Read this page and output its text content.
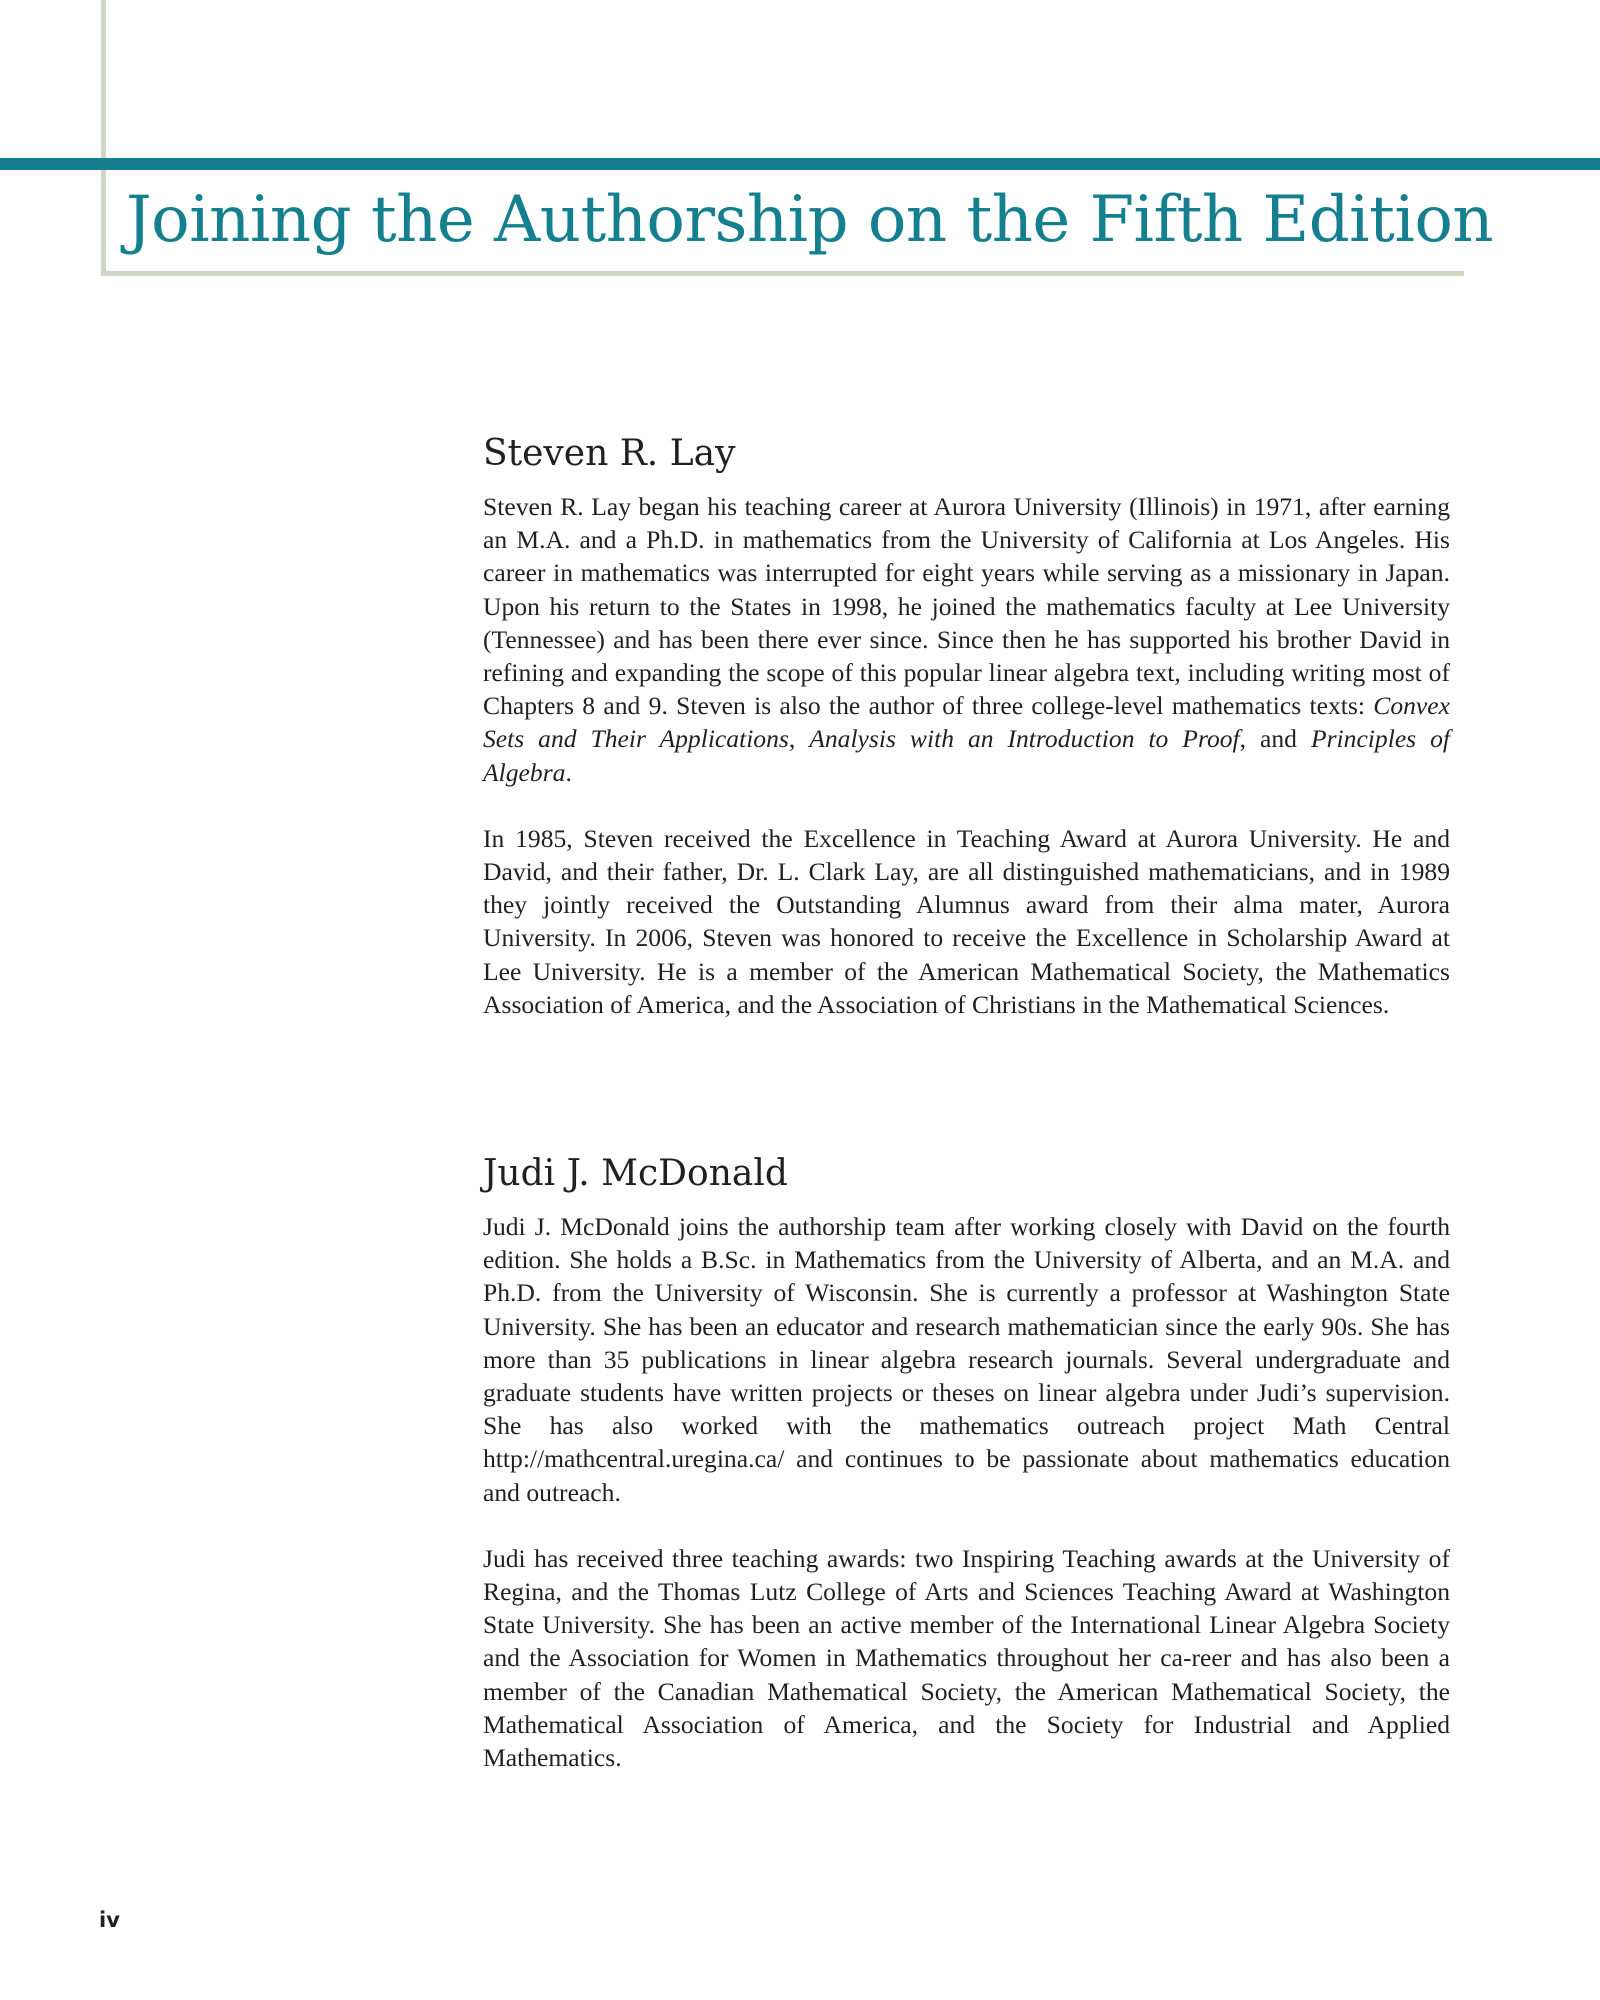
Joining the Authorship on the Fifth Edition
Steven R. Lay

Steven R. Lay began his teaching career at Aurora University (Illinois) in 1971, after earning an M.A. and a Ph.D. in mathematics from the University of California at Los Angeles. His career in mathematics was interrupted for eight years while serving as a missionary in Japan. Upon his return to the States in 1998, he joined the mathematics faculty at Lee University (Tennessee) and has been there ever since. Since then he has supported his brother David in refining and expanding the scope of this popular linear algebra text, including writing most of Chapters 8 and 9. Steven is also the author of three college-level mathematics texts: Convex Sets and Their Applications, Analysis with an Introduction to Proof, and Principles of Algebra.

In 1985, Steven received the Excellence in Teaching Award at Aurora University. He and David, and their father, Dr. L. Clark Lay, are all distinguished mathematicians, and in 1989 they jointly received the Outstanding Alumnus award from their alma mater, Aurora University. In 2006, Steven was honored to receive the Excellence in Scholarship Award at Lee University. He is a member of the American Mathematical Society, the Mathematics Association of America, and the Association of Christians in the Mathematical Sciences.

Judi J. McDonald

Judi J. McDonald joins the authorship team after working closely with David on the fourth edition. She holds a B.Sc. in Mathematics from the University of Alberta, and an M.A. and Ph.D. from the University of Wisconsin. She is currently a professor at Washington State University. She has been an educator and research mathematician since the early 90s. She has more than 35 publications in linear algebra research journals. Several undergraduate and graduate students have written projects or theses on linear algebra under Judi’s supervision. She has also worked with the mathematics outreach project Math Central http://mathcentral.uregina.ca/ and continues to be passionate about mathematics education and outreach.

Judi has received three teaching awards: two Inspiring Teaching awards at the University of Regina, and the Thomas Lutz College of Arts and Sciences Teaching Award at Washington State University. She has been an active member of the International Linear Algebra Society and the Association for Women in Mathematics throughout her ca-reer and has also been a member of the Canadian Mathematical Society, the American Mathematical Society, the Mathematical Association of America, and the Society for Industrial and Applied Mathematics.

iv
